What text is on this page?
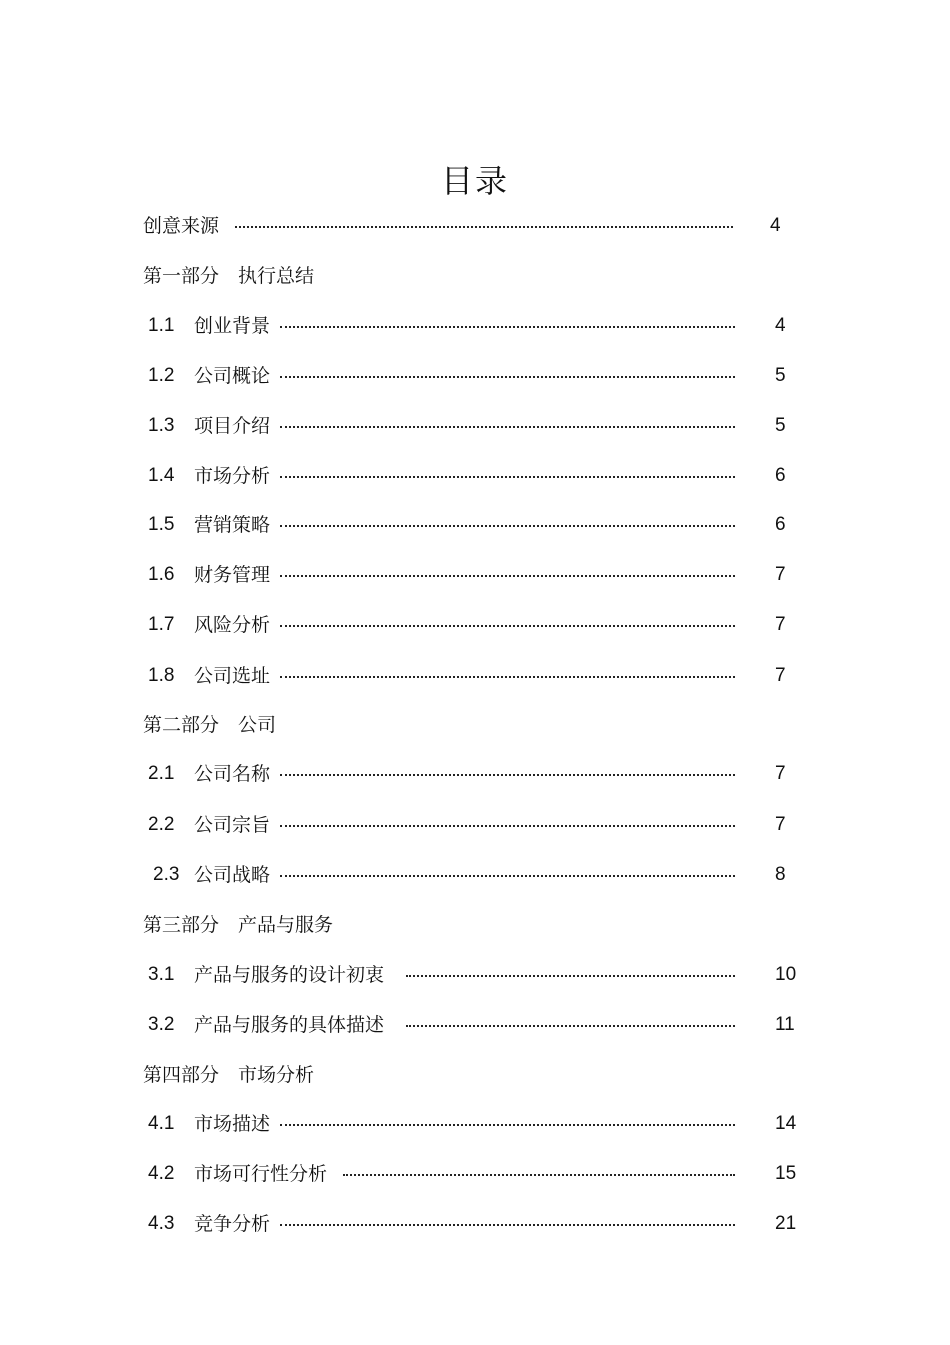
目录
创意来源	4
第一部分　执行总结
1.1 创业背景	4
1.2 公司概论	5
1.3 项目介绍	5
1.4 市场分析	6
1.5 营销策略	6
1.6 财务管理	7
1.7 风险分析	7
1.8 公司选址	7
第二部分　公司
2.1 公司名称	7
2.2 公司宗旨	7
2.3 公司战略	8
第三部分　产品与服务
3.1 产品与服务的设计初衷	10
3.2 产品与服务的具体描述	11
第四部分　市场分析
4.1 市场描述	14
4.2 市场可行性分析	15
4.3 竞争分析	21
